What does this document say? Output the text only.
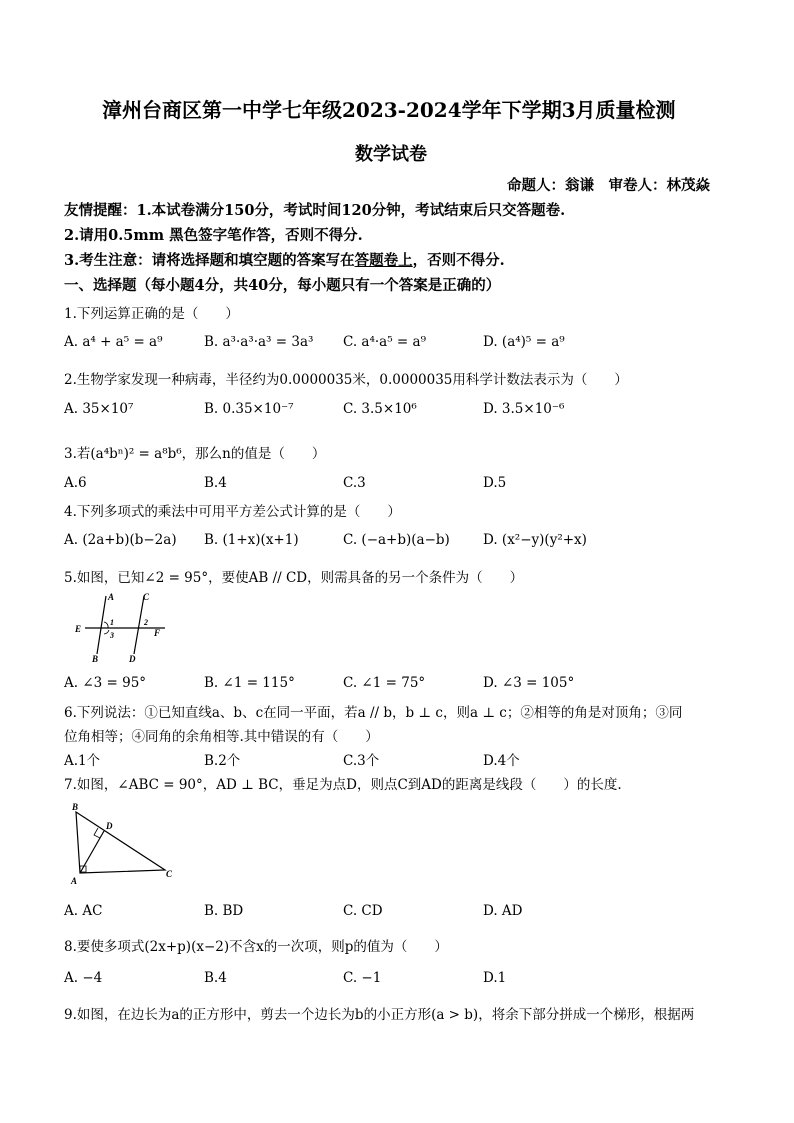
漳州台商区第一中学七年级2023-2024学年下学期3月质量检测
数学试卷
命题人：翁谦　审卷人：林茂焱
友情提醒：1.本试卷满分150分，考试时间120分钟，考试结束后只交答题卷.
2.请用0.5mm 黑色签字笔作答，否则不得分.
3.考生注意：请将选择题和填空题的答案写在答题卷上，否则不得分.
一、选择题（每小题4分，共40分，每小题只有一个答案是正确的）
1.下列运算正确的是（　　）
A. a⁴ + a⁵ = a⁹	B. a³·a³·a³ = 3a³ C. a⁴·a⁵ = a⁹	D. (a⁴)⁵ = a⁹
2.生物学家发现一种病毒，半径约为0.0000035米，0.0000035用科学计数法表示为（　　）
A. 35×10⁷	B. 0.35×10⁻⁷	C. 3.5×10⁶	D. 3.5×10⁻⁶
3.若(a⁴bⁿ)² = a⁸b⁶，那么n的值是（　　）
A.6	B.4	C.3	D.5
4.下列多项式的乘法中可用平方差公式计算的是（　　）
A. (2a+b)(b−2a) B. (1+x)(x+1)	C. (−a+b)(a−b) D. (x²−y)(y²+x)
5.如图，已知∠2 = 95°，要使AB // CD，则需具备的另一个条件为（　　）
A	C
E	F
B	D
1	2
3
A. ∠3 = 95°	B. ∠1 = 115°	C. ∠1 = 75°	D. ∠3 = 105°
6.下列说法：①已知直线a、b、c在同一平面，若a // b，b ⊥ c，则a ⊥ c；②相等的角是对顶角；③同
位角相等；④同角的余角相等.其中错误的有（　　）
A.1个	B.2个	C.3个	D.4个
7.如图，∠ABC = 90°，AD ⊥ BC，垂足为点D，则点C到AD的距离是线段（　　）的长度.
B
D
A
C
A. AC	B. BD	C. CD	D. AD
8.要使多项式(2x+p)(x−2)不含x的一次项，则p的值为（　　）
A. −4	B.4	C. −1	D.1
9.如图，在边长为a的正方形中，剪去一个边长为b的小正方形(a > b)，将余下部分拼成一个梯形，根据两
